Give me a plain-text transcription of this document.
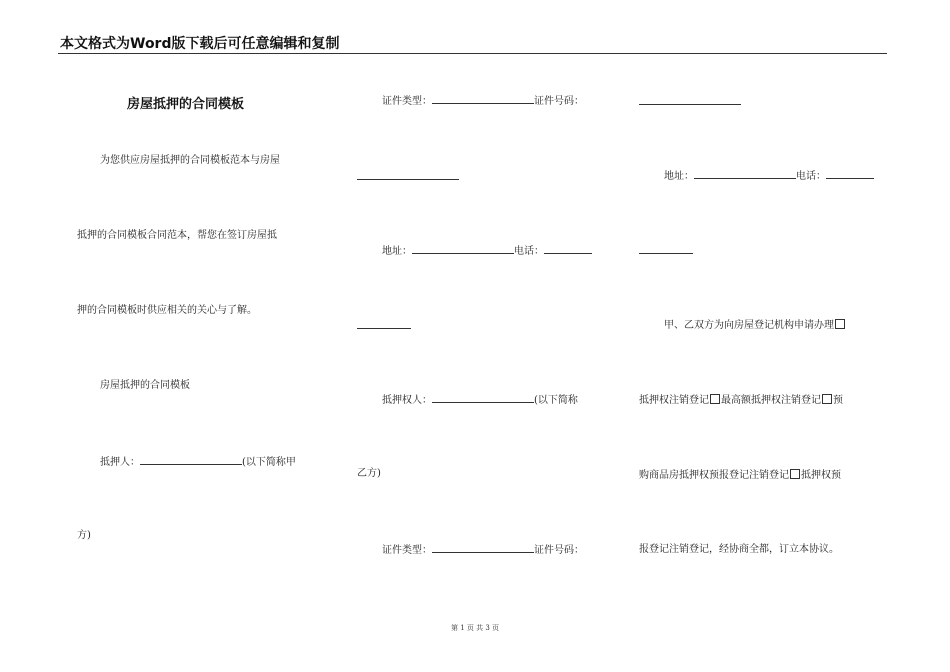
本文格式为Word版下载后可任意编辑和复制
房屋抵押的合同模板
为您供应房屋抵押的合同模板范本与房屋
抵押的合同模板合同范本，帮您在签订房屋抵
押的合同模板时供应相关的关心与了解。
房屋抵押的合同模板
抵押人：	(以下简称甲
方)
证件类型：	证件号码：
地址：	电话：
抵押权人：	(以下简称
乙方)
证件类型：	证件号码：
地址：	电话：
甲、乙双方为向房屋登记机构申请办理
抵押权注销登记 最高额抵押权注销登记 预
购商品房抵押权预报登记注销登记 抵押权预
报登记注销登记，经协商全都，订立本协议。
第 1 页 共 3 页
